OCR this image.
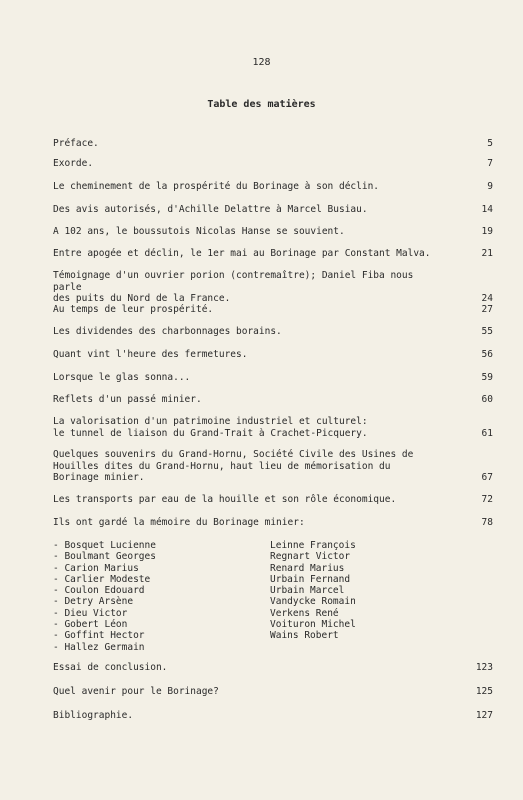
128
Table des matières
Préface.	5
Exorde.	7
Le cheminement de la prospérité du Borinage à son déclin.	9
Des avis autorisés, d'Achille Delattre à Marcel Busiau.	14
A 102 ans, le boussutois Nicolas Hanse se souvient.	19
Entre apogée et déclin, le 1er mai au Borinage par Constant Malva.	21
Témoignage d'un ouvrier porion (contremaître); Daniel Fiba nous parle
des puits du Nord de la France.	24
Au temps de leur prospérité.	27
Les dividendes des charbonnages borains.	55
Quant vint l'heure des fermetures.	56
Lorsque le glas sonna...	59
Reflets d'un passé minier.	60
La valorisation d'un patrimoine industriel et culturel:
le tunnel de liaison du Grand-Trait à Crachet-Picquery.	61
Quelques souvenirs du Grand-Hornu, Société Civile des Usines de
Houilles dites du Grand-Hornu, haut lieu de mémorisation du
Borinage minier.	67
Les transports par eau de la houille et son rôle économique.	72
Ils ont gardé la mémoire du Borinage minier:	78
- Bosquet Lucienne
- Boulmant Georges
- Carion Marius
- Carlier Modeste
- Coulon Edouard
- Detry Arsène
- Dieu Victor
- Gobert Léon
- Goffint Hector
- Hallez Germain
Leinne François
Regnart Victor
Renard Marius
Urbain Fernand
Urbain Marcel
Vandycke Romain
Verkens René
Voituron Michel
Wains Robert
Essai de conclusion.	123
Quel avenir pour le Borinage?	125
Bibliographie.	127
